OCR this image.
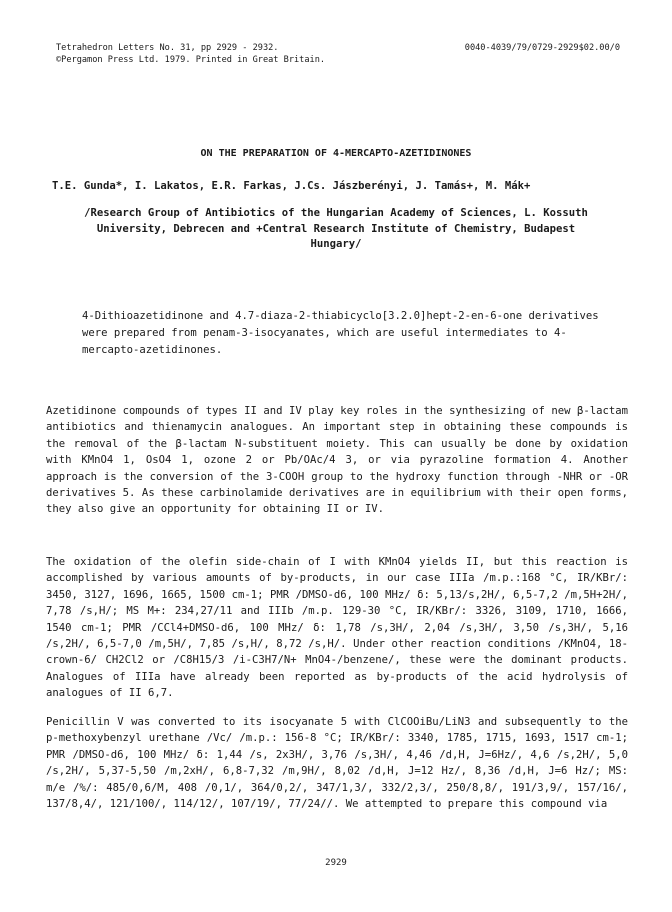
Tetrahedron Letters No. 31, pp 2929 - 2932.
©Pergamon Press Ltd. 1979. Printed in Great Britain.
0040-4039/79/0729-2929$02.00/0
ON THE PREPARATION OF 4-MERCAPTO-AZETIDINONES
T.E. Gunda*, I. Lakatos, E.R. Farkas, J.Cs. Jászberényi, J. Tamás+, M. Mák+
/Research Group of Antibiotics of the Hungarian Academy of Sciences, L. Kossuth
University, Debrecen and +Central Research Institute of Chemistry, Budapest
Hungary/
4-Dithioazetidinone and 4.7-diaza-2-thiabicyclo[3.2.0]hept-2-en-6-one derivatives were prepared from penam-3-isocyanates, which are useful intermediates to 4-mercapto-azetidinones.

Azetidinone compounds of types II and IV play key roles in the synthesizing of new β-lactam antibiotics and thienamycin analogues. An important step in obtaining these compounds is the removal of the β-lactam N-substituent moiety. This can usually be done by oxidation with KMnO4 1, OsO4 1, ozone 2 or Pb/OAc/4 3, or via pyrazoline formation 4. Another approach is the conversion of the 3-COOH group to the hydroxy function through -NHR or -OR derivatives 5. As these carbinolamide derivatives are in equilibrium with their open forms, they also give an opportunity for obtaining II or IV.

The oxidation of the olefin side-chain of I with KMnO4 yields II, but this reaction is accomplished by various amounts of by-products, in our case IIIa /m.p.:168 °C, IR/KBr/: 3450, 3127, 1696, 1665, 1500 cm-1; PMR /DMSO-d6, 100 MHz/ δ: 5,13/s,2H/, 6,5-7,2 /m,5H+2H/, 7,78 /s,H/; MS M+: 234,27/11 and IIIb /m.p. 129-30 °C, IR/KBr/: 3326, 3109, 1710, 1666, 1540 cm-1; PMR /CCl4+DMSO-d6, 100 MHz/ δ: 1,78 /s,3H/, 2,04 /s,3H/, 3,50 /s,3H/, 5,16 /s,2H/, 6,5-7,0 /m,5H/, 7,85 /s,H/, 8,72 /s,H/. Under other reaction conditions /KMnO4, 18-crown-6/ CH2Cl2 or /C8H15/3 /i-C3H7/N+ MnO4-/benzene/, these were the dominant products. Analogues of IIIa have already been reported as by-products of the acid hydrolysis of analogues of II 6,7.

Penicillin V was converted to its isocyanate 5 with ClCOOiBu/LiN3 and subsequently to the p-methoxybenzyl urethane /Vc/ /m.p.: 156-8 °C; IR/KBr/: 3340, 1785, 1715, 1693, 1517 cm-1; PMR /DMSO-d6, 100 MHz/ δ: 1,44 /s, 2x3H/, 3,76 /s,3H/, 4,46 /d,H, J=6Hz/, 4,6 /s,2H/, 5,0 /s,2H/, 5,37-5,50 /m,2xH/, 6,8-7,32 /m,9H/, 8,02 /d,H, J=12 Hz/, 8,36 /d,H, J=6 Hz/; MS: m/e /%/: 485/0,6/M, 408 /0,1/, 364/0,2/, 347/1,3/, 332/2,3/, 250/8,8/, 191/3,9/, 157/16/, 137/8,4/, 121/100/, 114/12/, 107/19/, 77/24//. We attempted to prepare this compound via

2929
